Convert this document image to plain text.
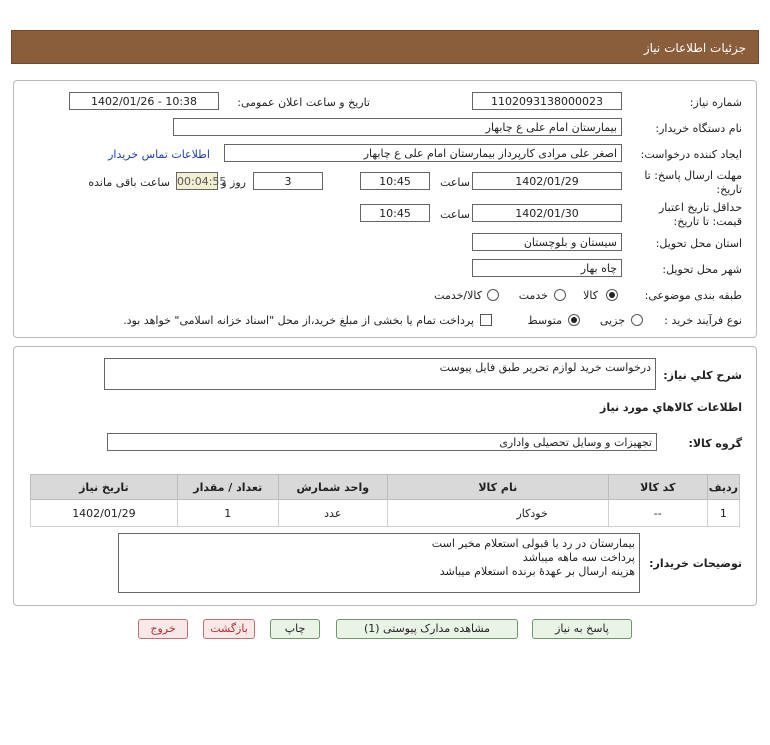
جزئیات اطلاعات نیاز
شماره نیاز:
1102093138000023
تاریخ و ساعت اعلان عمومی:
1402/01/26 - 10:38
نام دستگاه خریدار:
بیمارستان امام علی ع چابهار
ایجاد کننده درخواست:
اصغر علی مرادی کارپرداز بیمارستان امام علی ع چابهار
اطلاعات تماس خریدار
مهلت ارسال پاسخ: تا
تاریخ:
1402/01/29
ساعت
10:45
3
روز و
00:04:55
ساعت باقی مانده
حداقل تاریخ اعتبار
قیمت: تا تاریخ:
1402/01/30
ساعت
10:45
استان محل تحویل:
سیستان و بلوچستان
شهر محل تحویل:
چاه بهار
طبقه بندی موضوعی:
کالا
خدمت
کالا/خدمت
نوع فرآیند خرید :
جزیی
متوسط
پرداخت تمام یا بخشی از مبلغ خرید،از محل "اسناد خزانه اسلامی" خواهد بود.
شرح کلي نياز:
درخواست خرید لوازم تحریر طبق فایل پیوست
اطلاعات کالاهاي مورد نياز
گروه کالا:
تجهیزات و وسایل تحصیلی واداری
ردیف	کد کالا	نام کالا	واحد شمارش	تعداد / مقدار	تاریخ نیاز
1	--	خودکار	عدد	1	1402/01/29
توضیحات خریدار:
بیمارستان در رد یا قبولی استعلام مخیر است
پرداخت سه ماهه میباشد
هزینه ارسال بر عهدهٔ برنده استعلام میباشد
پاسخ به نیاز
مشاهده مدارک پیوستی (1)
چاپ
بازگشت
خروج
